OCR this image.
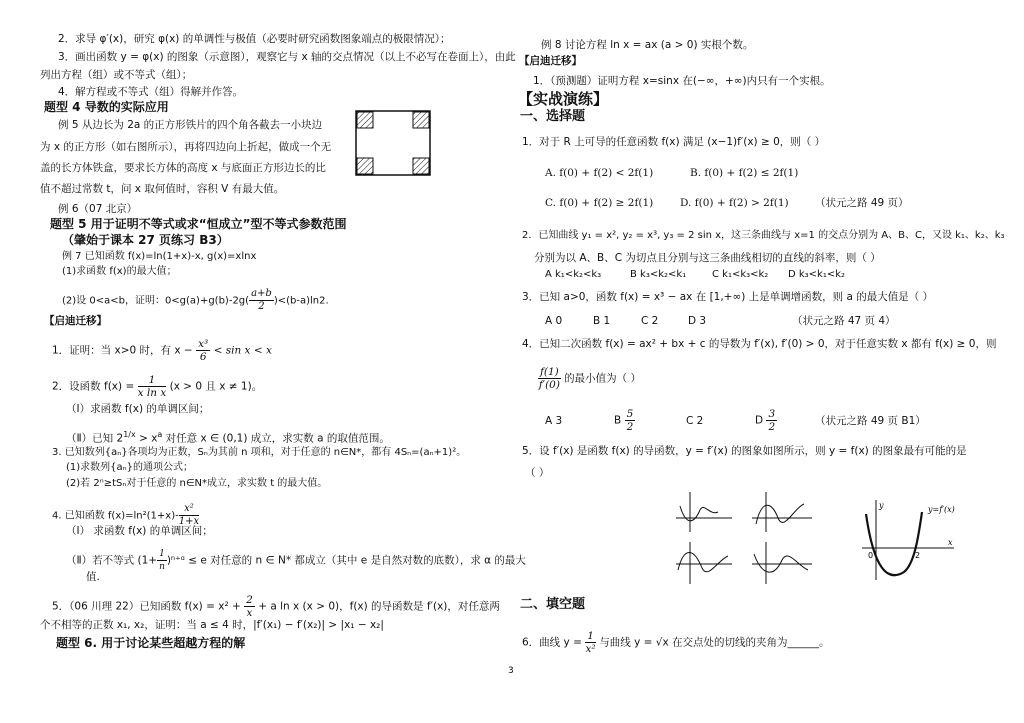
2．求导 φ′(x)，研究 φ(x) 的单调性与极值（必要时研究函数图象端点的极限情况）；
3．画出函数 y = φ(x) 的图象（示意图），观察它与 x 轴的交点情况（以上不必写在卷面上），由此
列出方程（组）或不等式（组）；
4．解方程或不等式（组）得解并作答。
题型 4 导数的实际应用
例 5 从边长为 2a 的正方形铁片的四个角各截去一小块边
为 x 的正方形（如右图所示），再将四边向上折起，做成一个无
盖的长方体铁盒，要求长方体的高度 x 与底面正方形边长的比
值不超过常数 t，问 x 取何值时，容积 V 有最大值。
例 6（07 北京）
题型 5 用于证明不等式或求“恒成立”型不等式参数范围
（肇始于课本 27 页练习 B3）
例 7 已知函数 f(x)=ln(1+x)-x, g(x)=xlnx
(1)求函数 f(x)的最大值；
(2)设 0<a<b，证明：$0<g(a)+g(b)-2g( \frac{a+b}{2} )<(b-a)\ln 2$.
【启迪迁移】
1．证明：当 x>0 时，有 $x - \frac{\text{x³}}{6} < \sin x < x$
2．设函数 $f(x) = \frac{1}{\text{x ln x}} (x > 0$ 且 x ≠ 1)。
（Ⅰ）求函数 f(x) 的单调区间；
（Ⅱ）已知 $2^{1/x} > x^a$ 对任意 x ∈ (0,1) 成立，求实数 a 的取值范围。
3. 已知数列{aₙ}各项均为正数，Sₙ为其前 n 项和，对于任意的 n∈N*，都有 4Sₙ=(aₙ+1)²。
(1)求数列{aₙ}的通项公式；
(2)若 2ⁿ≥tSₙ对于任意的 n∈N*成立，求实数 t 的最大值。
4. 已知函数 $f(x)=\ln^2(1+x)- \frac{\text{x²}}{1+x}$
（Ⅰ） 求函数 f(x) 的单调区间；
（Ⅱ）若不等式 ($1+ \frac{1}{n}$ )ⁿ⁺ᵅ ≤ e 对任意的 n ∈ N* 都成立（其中 e 是自然对数的底数），求 α 的最大
值.
5．（06 川理 22）已知函数 $f(x) = x^2 + \frac{2}{x} + a$ ln x (x > 0)，f(x) 的导函数是 f′(x)，对任意两
个不相等的正数 x₁, x₂，证明：当 a ≤ 4 时，|f′(x₁) − f′(x₂)| > |x₁ − x₂|
题型 6. 用于讨论某些超越方程的解
例 8 讨论方程 ln x = ax (a > 0) 实根个数。
【启迪迁移】
1．（预测题）证明方程 x=sinx 在(−∞，+∞)内只有一个实根。
【实战演练】
一、选择题
1．对于 R 上可导的任意函数 f(x) 满足 (x−1)f′(x) ≥ 0，则（ ）
A. f(0) + f(2) < 2f(1)	B. f(0) + f(2) ≤ 2f(1)
C. f(0) + f(2) ≥ 2f(1)	D. f(0) + f(2) > 2f(1)	（状元之路 49 页）
2．已知曲线 y₁ = x², y₂ = x³, y₃ = 2 sin x，这三条曲线与 x=1 的交点分别为 A、B、C，又设 k₁、k₂、k₃
分别为以 A、B、C 为切点且分别与这三条曲线相切的直线的斜率，则（ ）
A k₁<k₂<k₃	B k₃<k₂<k₁	C k₁<k₃<k₂ D k₃<k₁<k₂
3．已知 a>0，函数 f(x) = x³ − ax 在 [1,+∞) 上是单调增函数，则 a 的最大值是（ ）
A 0	B 1	C 2	D 3	（状元之路 47 页 4）
4．已知二次函数 f(x) = ax² + bx + c 的导数为 f′(x), f′(0) > 0，对于任意实数 x 都有 f(x) ≥ 0，则
$\frac{f(1)}{f'(0)}$ 的最小值为（ ）
A 3	B $\frac{5}{2}$	C 2	D $\frac{3}{2}$	（状元之路 49 页 B1）
5．设 f′(x) 是函数 f(x) 的导函数，y = f′(x) 的图象如图所示，则 y = f(x) 的图象最有可能的是
（ ）
y=f′(x)
0	2
x
y
二、填空题
6．曲线 $y = \frac{1}{\text{x²}}$ 与曲线 y = √x 在交点处的切线的夹角为______。
3
